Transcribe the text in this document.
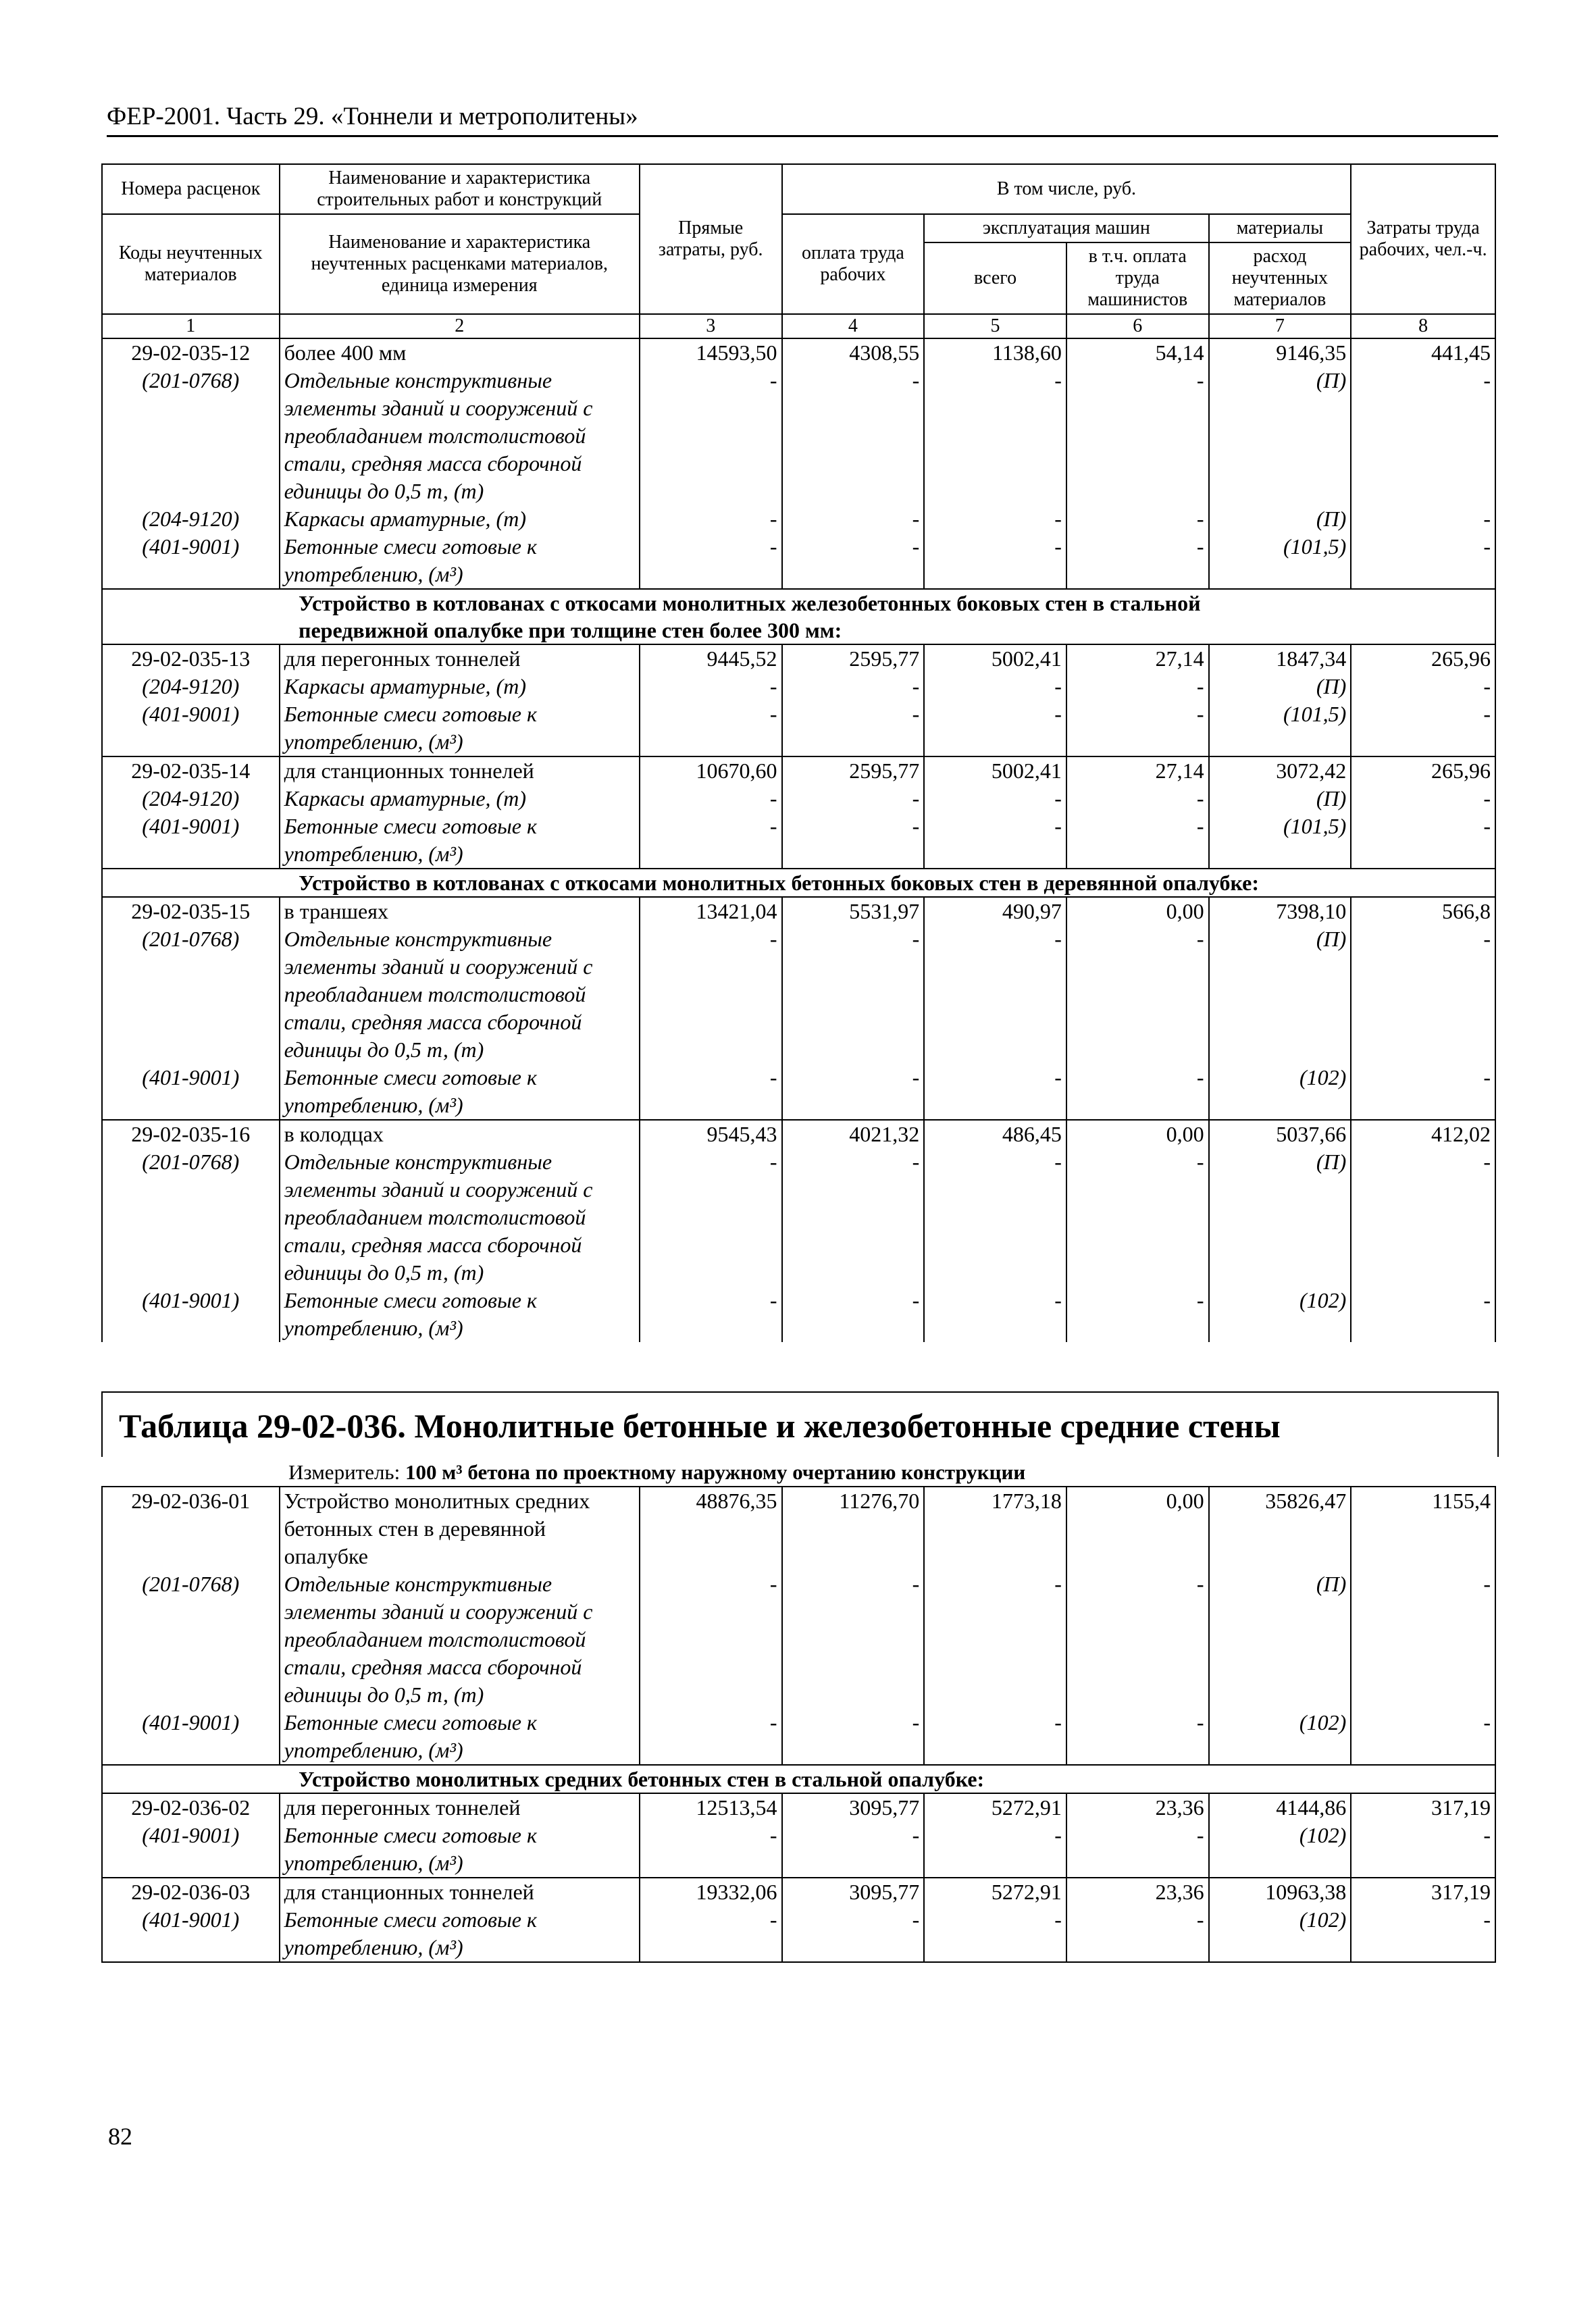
ФЕР-2001. Часть 29. «Тоннели и метрополитены»
Номера расценок	Наименование и характеристика строительных работ и конструкций	Прямые затраты, руб.	В том числе, руб.				Затраты труда рабочих, чел.-ч.
Коды неучтенных материалов	Наименование и характеристика неучтенных расценками материалов, единица измерения		оплата труда рабочих	эксплуатация машин		материалы	
				всего	в т.ч. оплата труда машинистов	расход неучтенных материалов	
1	2	3	4	5	6	7	8
29-02-035-12	более 400 мм	14593,50	4308,55	1138,60	54,14	9146,35	441,45
(201-0768)	Отдельные конструктивные
элементы зданий и сооружений с
преобладанием толстолистовой
стали, средняя масса сборочной
единицы до 0,5 т, (т)	-	-	-	-	(П)	-
(204-9120)	Каркасы арматурные, (т)	-	-	-	-	(П)	-
(401-9001)	Бетонные смеси готовые к
употреблению, (м³)	-	-	-	-	(101,5)	-
Устройство в котлованах с откосами монолитных железобетонных боковых стен в стальной
передвижной опалубке при толщине стен более 300 мм:							
29-02-035-13	для перегонных тоннелей	9445,52	2595,77	5002,41	27,14	1847,34	265,96
(204-9120)	Каркасы арматурные, (т)	-	-	-	-	(П)	-
(401-9001)	Бетонные смеси готовые к
употреблению, (м³)	-	-	-	-	(101,5)	-
29-02-035-14	для станционных тоннелей	10670,60	2595,77	5002,41	27,14	3072,42	265,96
(204-9120)	Каркасы арматурные, (т)	-	-	-	-	(П)	-
(401-9001)	Бетонные смеси готовые к
употреблению, (м³)	-	-	-	-	(101,5)	-
Устройство в котлованах с откосами монолитных бетонных боковых стен в деревянной опалубке:							
29-02-035-15	в траншеях	13421,04	5531,97	490,97	0,00	7398,10	566,8
(201-0768)	Отдельные конструктивные
элементы зданий и сооружений с
преобладанием толстолистовой
стали, средняя масса сборочной
единицы до 0,5 т, (т)	-	-	-	-	(П)	-
(401-9001)	Бетонные смеси готовые к
употреблению, (м³)	-	-	-	-	(102)	-
29-02-035-16	в колодцах	9545,43	4021,32	486,45	0,00	5037,66	412,02
(201-0768)	Отдельные конструктивные
элементы зданий и сооружений с
преобладанием толстолистовой
стали, средняя масса сборочной
единицы до 0,5 т, (т)	-	-	-	-	(П)	-
(401-9001)	Бетонные смеси готовые к
употреблению, (м³)	-	-	-	-	(102)	-
Таблица 29-02-036. Монолитные бетонные и железобетонные средние стены
Измеритель: 100 м³ бетона по проектному наружному очертанию конструкции
29-02-036-01	Устройство монолитных средних
бетонных стен в деревянной
опалубке	48876,35	11276,70	1773,18	0,00	35826,47	1155,4
(201-0768)	Отдельные конструктивные
элементы зданий и сооружений с
преобладанием толстолистовой
стали, средняя масса сборочной
единицы до 0,5 т, (т)	-	-	-	-	(П)	-
(401-9001)	Бетонные смеси готовые к
употреблению, (м³)	-	-	-	-	(102)	-
Устройство монолитных средних бетонных стен в стальной опалубке:							
29-02-036-02	для перегонных тоннелей	12513,54	3095,77	5272,91	23,36	4144,86	317,19
(401-9001)	Бетонные смеси готовые к
употреблению, (м³)	-	-	-	-	(102)	-
29-02-036-03	для станционных тоннелей	19332,06	3095,77	5272,91	23,36	10963,38	317,19
(401-9001)	Бетонные смеси готовые к
употреблению, (м³)	-	-	-	-	(102)	-
82
